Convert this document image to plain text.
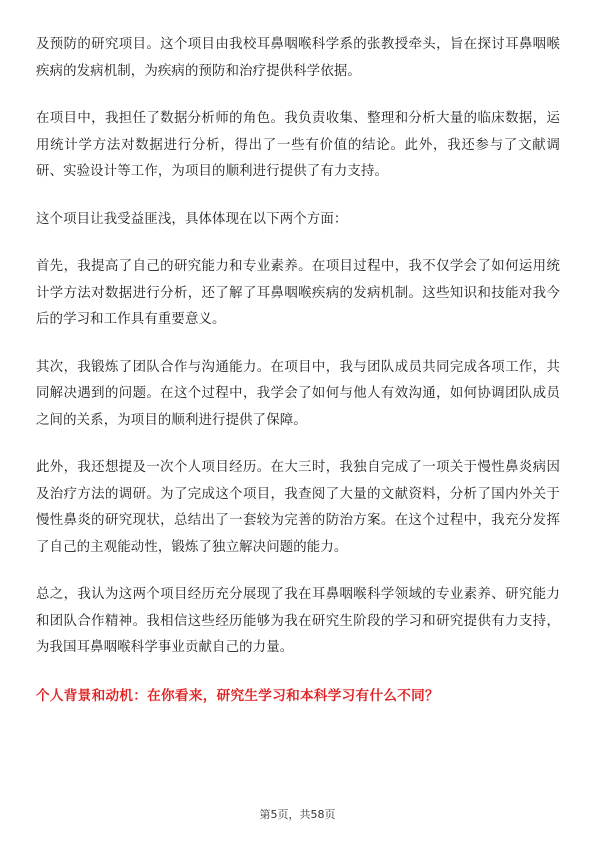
及预防的研究项目。这个项目由我校耳鼻咽喉科学系的张教授牵头，旨在探讨耳鼻咽喉疾病的发病机制，为疾病的预防和治疗提供科学依据。

在项目中，我担任了数据分析师的角色。我负责收集、整理和分析大量的临床数据，运用统计学方法对数据进行分析，得出了一些有价值的结论。此外，我还参与了文献调研、实验设计等工作，为项目的顺利进行提供了有力支持。

这个项目让我受益匪浅，具体体现在以下两个方面：

首先，我提高了自己的研究能力和专业素养。在项目过程中，我不仅学会了如何运用统计学方法对数据进行分析，还了解了耳鼻咽喉疾病的发病机制。这些知识和技能对我今后的学习和工作具有重要意义。

其次，我锻炼了团队合作与沟通能力。在项目中，我与团队成员共同完成各项工作，共同解决遇到的问题。在这个过程中，我学会了如何与他人有效沟通，如何协调团队成员之间的关系，为项目的顺利进行提供了保障。

此外，我还想提及一次个人项目经历。在大三时，我独自完成了一项关于慢性鼻炎病因及治疗方法的调研。为了完成这个项目，我查阅了大量的文献资料，分析了国内外关于慢性鼻炎的研究现状，总结出了一套较为完善的防治方案。在这个过程中，我充分发挥了自己的主观能动性，锻炼了独立解决问题的能力。

总之，我认为这两个项目经历充分展现了我在耳鼻咽喉科学领域的专业素养、研究能力和团队合作精神。我相信这些经历能够为我在研究生阶段的学习和研究提供有力支持，为我国耳鼻咽喉科学事业贡献自己的力量。

个人背景和动机：在你看来，研究生学习和本科学习有什么不同？

第5页，共58页
